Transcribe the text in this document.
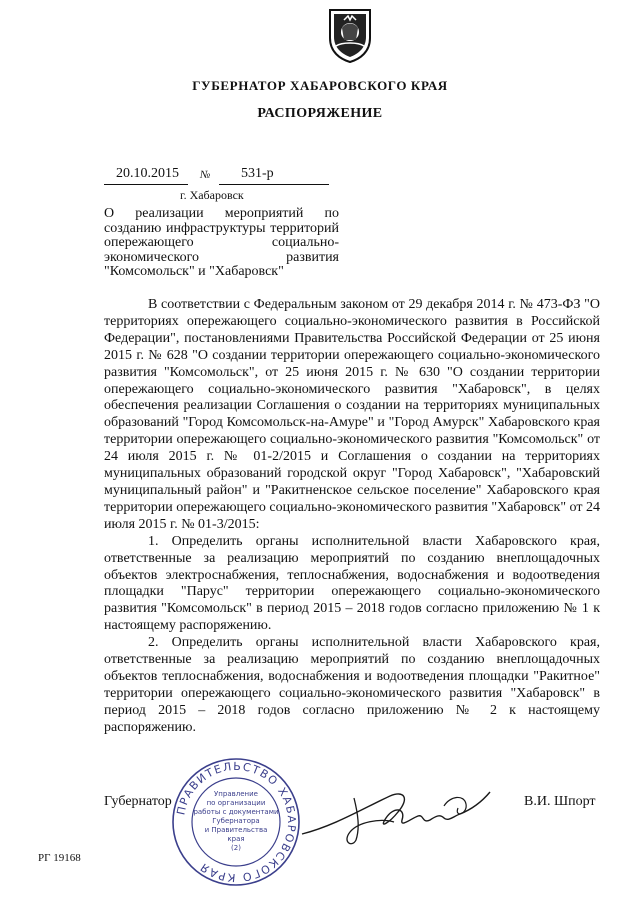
ГУБЕРНАТОР ХАБАРОВСКОГО КРАЯ
РАСПОРЯЖЕНИЕ
20.10.2015	№	531-р
г. Хабаровск
О реализации мероприятий по созданию инфраструктуры территорий опережающего социально-экономического развития "Комсомольск" и "Хабаровск"

В соответствии с Федеральным законом от 29 декабря 2014 г. № 473-ФЗ "О территориях опережающего социально-экономического развития в Российской Федерации", постановлениями Правительства Российской Федерации от 25 июня 2015 г. № 628 "О создании территории опережающего социально-экономического развития "Комсомольск", от 25 июня 2015 г. № 630 "О создании территории опережающего социально-экономического развития "Хабаровск", в целях обеспечения реализации Соглашения о создании на территориях муниципальных образований "Город Комсомольск-на-Амуре" и "Город Амурск" Хабаровского края территории опережающего социально-экономического развития "Комсомольск" от 24 июля 2015 г. № 01-2/2015 и Соглашения о создании на территориях муниципальных образований городской округ "Город Хабаровск", "Хабаровский муниципальный район" и "Ракитненское сельское поселение" Хабаровского края территории опережающего социально-экономического развития "Хабаровск" от 24 июля 2015 г. № 01-3/2015:

1. Определить органы исполнительной власти Хабаровского края, ответственные за реализацию мероприятий по созданию внеплощадочных объектов электроснабжения, теплоснабжения, водоснабжения и водоотведения площадки "Парус" территории опережающего социально-экономического развития "Комсомольск" в период 2015 – 2018 годов согласно приложению № 1 к настоящему распоряжению.

2. Определить органы исполнительной власти Хабаровского края, ответственные за реализацию мероприятий по созданию внеплощадочных объектов теплоснабжения, водоснабжения и водоотведения площадки "Ракитное" территории опережающего социально-экономического развития "Хабаровск" в период 2015 – 2018 годов согласно приложению № 2 к настоящему распоряжению.

ПРАВИТЕЛЬСТВО ХАБАРОВСКОГО КРАЯ
Управление
по организации
работы с документами
Губернатора
и Правительства
края
(2)
Губернатор	В.И. Шпорт
РГ 19168
